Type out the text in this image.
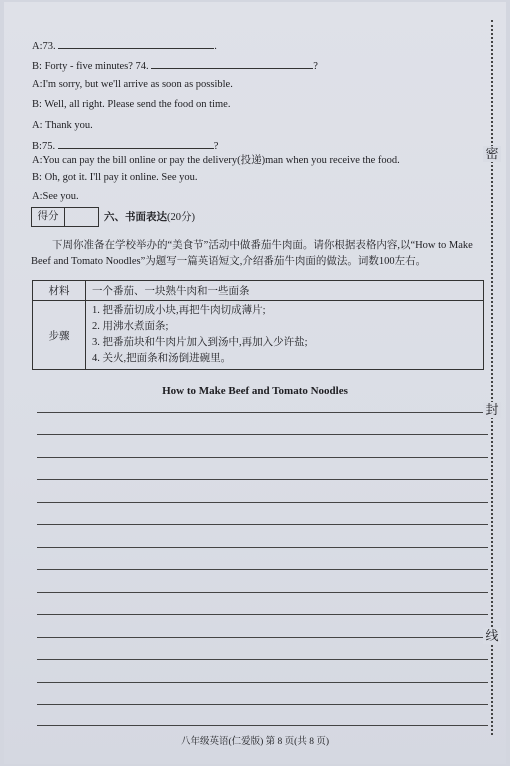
A:73.	.
B: Forty - five minutes? 74.	?
A:I'm sorry, but we'll arrive as soon as possible.
B: Well, all right. Please send the food on time.
A: Thank you.
B:75.	?
A:You can pay the bill online or pay the delivery(投递)man when you receive the food.
B: Oh, got it. I'll pay it online. See you.
A:See you.
得分	六、书面表达(20分)
下周你准备在学校举办的“美食节”活动中做番茄牛肉面。请你根据表格内容,以“How to Make Beef and Tomato Noodles”为题写一篇英语短文,介绍番茄牛肉面的做法。词数100左右。
材料	一个番茄、一块熟牛肉和一些面条
步骤	1. 把番茄切成小块,再把牛肉切成薄片;
2. 用沸水煮面条;
3. 把番茄块和牛肉片加入到汤中,再加入少许盐;
4. 关火,把面条和汤倒进碗里。
How to Make Beef and Tomato Noodles
八年级英语(仁爱版) 第 8 页(共 8 页)
密
封
线
